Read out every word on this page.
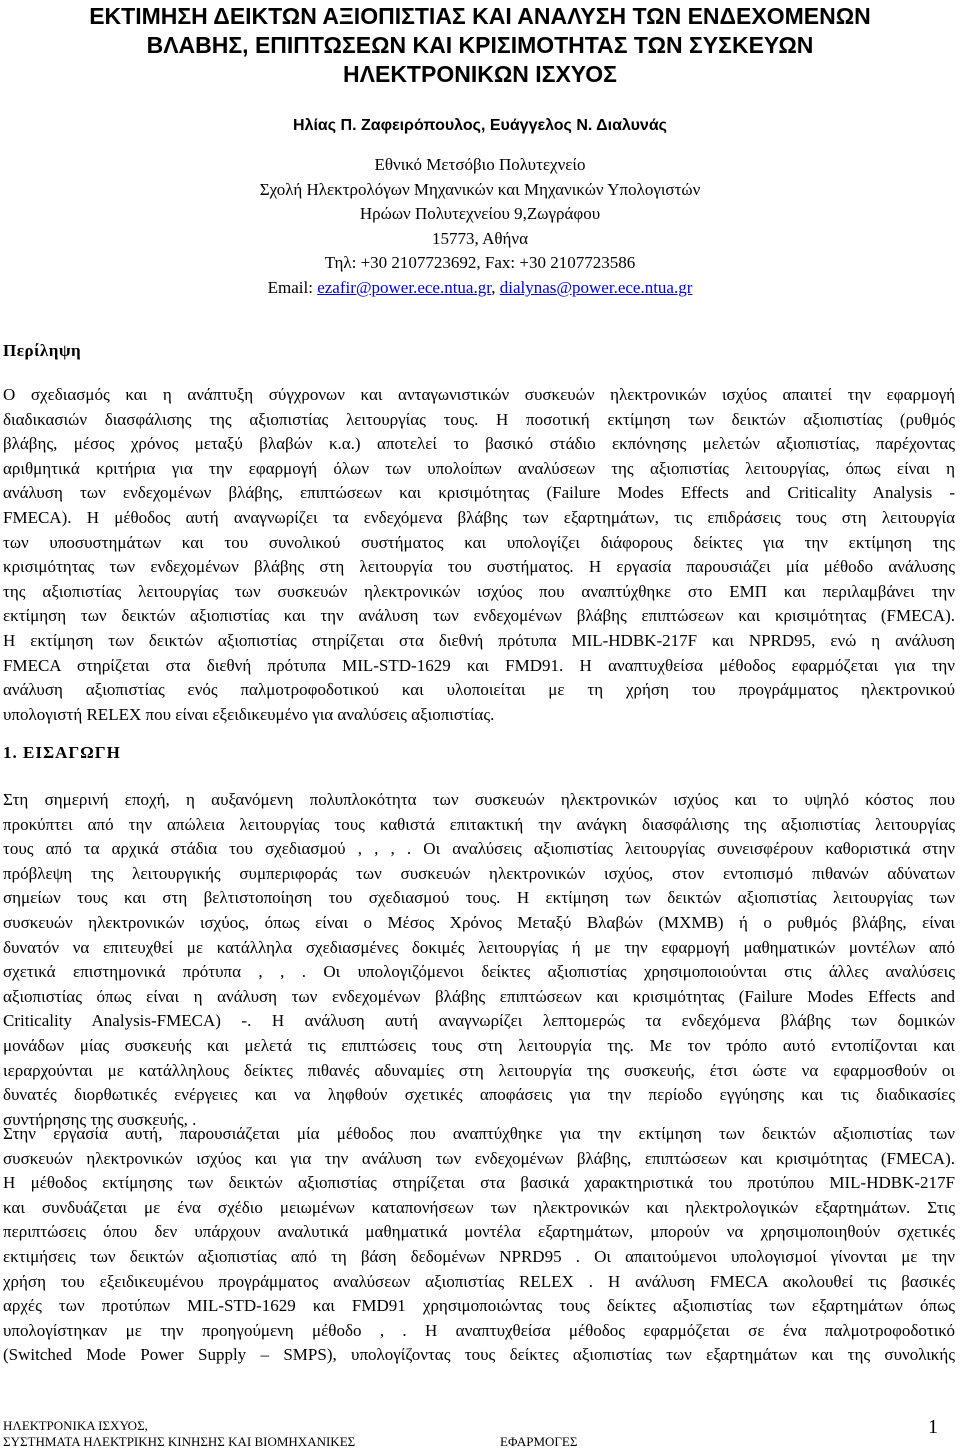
ΕΚΤΙΜΗΣΗ ΔΕΙΚΤΩΝ ΑΞΙΟΠΙΣΤΙΑΣ ΚΑΙ ΑΝΑΛΥΣΗ ΤΩΝ ΕΝΔΕΧΟΜΕΝΩΝ ΒΛΑΒΗΣ, ΕΠΙΠΤΩΣΕΩΝ ΚΑΙ ΚΡΙΣΙΜΟΤΗΤΑΣ ΤΩΝ ΣΥΣΚΕΥΩΝ ΗΛΕΚΤΡΟΝΙΚΩΝ ΙΣΧΥΟΣ
Ηλίας Π. Ζαφειρόπουλος, Ευάγγελος Ν. Διαλυνάς
Εθνικό Μετσόβιο Πολυτεχνείο
Σχολή Ηλεκτρολόγων Μηχανικών και Μηχανικών Υπολογιστών
Ηρώων Πολυτεχνείου 9,Ζωγράφου
15773, Αθήνα
Τηλ: +30 2107723692, Fax: +30 2107723586
Email: ezafir@power.ece.ntua.gr, dialynas@power.ece.ntua.gr
Περίληψη
Ο σχεδιασμός και η ανάπτυξη σύγχρονων και ανταγωνιστικών συσκευών ηλεκτρονικών ισχύος απαιτεί την εφαρμογή
διαδικασιών διασφάλισης της αξιοπιστίας λειτουργίας τους. Η ποσοτική εκτίμηση των δεικτών αξιοπιστίας (ρυθμός
βλάβης, μέσος χρόνος μεταξύ βλαβών κ.α.) αποτελεί το βασικό στάδιο εκπόνησης μελετών αξιοπιστίας, παρέχοντας
αριθμητικά κριτήρια για την εφαρμογή όλων των υπολοίπων αναλύσεων της αξιοπιστίας λειτουργίας, όπως είναι η
ανάλυση των ενδεχομένων βλάβης, επιπτώσεων και κρισιμότητας (Failure Modes Effects and Criticality Analysis -
FMECA). Η μέθοδος αυτή αναγνωρίζει τα ενδεχόμενα βλάβης των εξαρτημάτων, τις επιδράσεις τους στη λειτουργία
των υποσυστημάτων και του συνολικού συστήματος και υπολογίζει διάφορους δείκτες για την εκτίμηση της
κρισιμότητας των ενδεχομένων βλάβης στη λειτουργία του συστήματος. Η εργασία παρουσιάζει μία μέθοδο ανάλυσης
της αξιοπιστίας λειτουργίας των συσκευών ηλεκτρονικών ισχύος που αναπτύχθηκε στο ΕΜΠ και περιλαμβάνει την
εκτίμηση των δεικτών αξιοπιστίας και την ανάλυση των ενδεχομένων βλάβης επιπτώσεων και κρισιμότητας (FMECA).
Η εκτίμηση των δεικτών αξιοπιστίας στηρίζεται στα διεθνή πρότυπα MIL-HDBK-217F και NPRD95, ενώ η ανάλυση
FMECA στηρίζεται στα διεθνή πρότυπα MIL-STD-1629 και FMD91. Η αναπτυχθείσα μέθοδος εφαρμόζεται για την
ανάλυση αξιοπιστίας ενός παλμοτροφοδοτικού και υλοποιείται με τη χρήση του προγράμματος ηλεκτρονικού
υπολογιστή RELEX που είναι εξειδικευμένο για αναλύσεις αξιοπιστίας.
1. ΕΙΣΑΓΩΓΗ
Στη σημερινή εποχή, η αυξανόμενη πολυπλοκότητα των συσκευών ηλεκτρονικών ισχύος και το υψηλό κόστος που
προκύπτει από την απώλεια λειτουργίας τους καθιστά επιτακτική την ανάγκη διασφάλισης της αξιοπιστίας λειτουργίας
τους από τα αρχικά στάδια του σχεδιασμού , , , . Οι αναλύσεις αξιοπιστίας λειτουργίας συνεισφέρουν καθοριστικά στην
πρόβλεψη της λειτουργικής συμπεριφοράς των συσκευών ηλεκτρονικών ισχύος, στον εντοπισμό πιθανών αδύνατων
σημείων τους και στη βελτιστοποίηση του σχεδιασμού τους. Η εκτίμηση των δεικτών αξιοπιστίας λειτουργίας των
συσκευών ηλεκτρονικών ισχύος, όπως είναι ο Μέσος Χρόνος Μεταξύ Βλαβών (ΜΧΜΒ) ή ο ρυθμός βλάβης, είναι
δυνατόν να επιτευχθεί με κατάλληλα σχεδιασμένες δοκιμές λειτουργίας ή με την εφαρμογή μαθηματικών μοντέλων από
σχετικά επιστημονικά πρότυπα , , . Οι υπολογιζόμενοι δείκτες αξιοπιστίας χρησιμοποιούνται στις άλλες αναλύσεις
αξιοπιστίας όπως είναι η ανάλυση των ενδεχομένων βλάβης επιπτώσεων και κρισιμότητας (Failure Modes Effects and
Criticality Analysis-FMECA) -. Η ανάλυση αυτή αναγνωρίζει λεπτομερώς τα ενδεχόμενα βλάβης των δομικών
μονάδων μίας συσκευής και μελετά τις επιπτώσεις τους στη λειτουργία της. Με τον τρόπο αυτό εντοπίζονται και
ιεραρχούνται με κατάλληλους δείκτες πιθανές αδυναμίες στη λειτουργία της συσκευής, έτσι ώστε να εφαρμοσθούν οι
δυνατές διορθωτικές ενέργειες και να ληφθούν σχετικές αποφάσεις για την περίοδο εγγύησης και τις διαδικασίες
συντήρησης της συσκευής, .
Στην εργασία αυτή, παρουσιάζεται μία μέθοδος που αναπτύχθηκε για την εκτίμηση των δεικτών αξιοπιστίας των
συσκευών ηλεκτρονικών ισχύος και για την ανάλυση των ενδεχομένων βλάβης, επιπτώσεων και κρισιμότητας (FMECA).
Η μέθοδος εκτίμησης των δεικτών αξιοπιστίας στηρίζεται στα βασικά χαρακτηριστικά του προτύπου MIL-HDBK-217F
και συνδυάζεται με ένα σχέδιο μειωμένων καταπονήσεων των ηλεκτρονικών και ηλεκτρολογικών εξαρτημάτων. Στις
περιπτώσεις όπου δεν υπάρχουν αναλυτικά μαθηματικά μοντέλα εξαρτημάτων, μπορούν να χρησιμοποιηθούν σχετικές
εκτιμήσεις των δεικτών αξιοπιστίας από τη βάση δεδομένων NPRD95 . Οι απαιτούμενοι υπολογισμοί γίνονται με την
χρήση του εξειδικευμένου προγράμματος αναλύσεων αξιοπιστίας RELEX . Η ανάλυση FMECA ακολουθεί τις βασικές
αρχές των προτύπων MIL-STD-1629 και FMD91 χρησιμοποιώντας τους δείκτες αξιοπιστίας των εξαρτημάτων όπως
υπολογίστηκαν με την προηγούμενη μέθοδο , . Η αναπτυχθείσα μέθοδος εφαρμόζεται σε ένα παλμοτροφοδοτικό
(Switched Mode Power Supply – SMPS), υπολογίζοντας τους δείκτες αξιοπιστίας των εξαρτημάτων και της συνολικής
ΗΛΕΚΤΡΟΝΙΚΑ ΙΣΧΥΟΣ,
ΣΥΣΤΗΜΑΤΑ ΗΛΕΚΤΡΙΚΗΣ ΚΙΝΗΣΗΣ ΚΑΙ ΒΙΟΜΗΧΑΝΙΚΕΣ	ΕΦΑΡΜΟΓΕΣ
1
